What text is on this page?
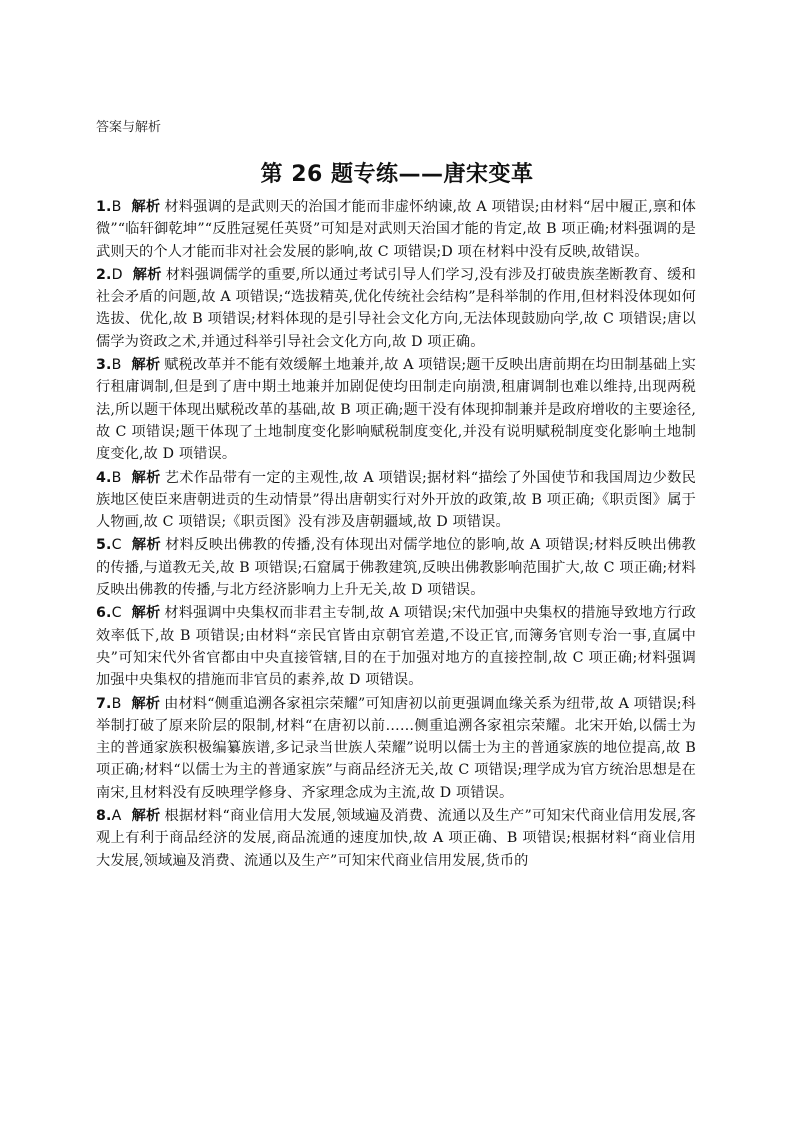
答案与解析
第 26 题专练——唐宋变革

1.B 解析 材料强调的是武则天的治国才能而非虚怀纳谏,故 A 项错误;由材料“居中履正,禀和体微”“临轩御乾坤”“反胜冠冕任英贤”可知是对武则天治国才能的肯定,故 B 项正确;材料强调的是武则天的个人才能而非对社会发展的影响,故 C 项错误;D 项在材料中没有反映,故错误。

2.D 解析 材料强调儒学的重要,所以通过考试引导人们学习,没有涉及打破贵族垄断教育、缓和社会矛盾的问题,故 A 项错误;“选拔精英,优化传统社会结构”是科举制的作用,但材料没体现如何选拔、优化,故 B 项错误;材料体现的是引导社会文化方向,无法体现鼓励向学,故 C 项错误;唐以儒学为资政之术,并通过科举引导社会文化方向,故 D 项正确。

3.B 解析 赋税改革并不能有效缓解土地兼并,故 A 项错误;题干反映出唐前期在均田制基础上实行租庸调制,但是到了唐中期土地兼并加剧促使均田制走向崩溃,租庸调制也难以维持,出现两税法,所以题干体现出赋税改革的基础,故 B 项正确;题干没有体现抑制兼并是政府增收的主要途径,故 C 项错误;题干体现了土地制度变化影响赋税制度变化,并没有说明赋税制度变化影响土地制度变化,故 D 项错误。

4.B 解析 艺术作品带有一定的主观性,故 A 项错误;据材料“描绘了外国使节和我国周边少数民族地区使臣来唐朝进贡的生动情景”得出唐朝实行对外开放的政策,故 B 项正确;《职贡图》属于人物画,故 C 项错误;《职贡图》没有涉及唐朝疆域,故 D 项错误。

5.C 解析 材料反映出佛教的传播,没有体现出对儒学地位的影响,故 A 项错误;材料反映出佛教的传播,与道教无关,故 B 项错误;石窟属于佛教建筑,反映出佛教影响范围扩大,故 C 项正确;材料反映出佛教的传播,与北方经济影响力上升无关,故 D 项错误。

6.C 解析 材料强调中央集权而非君主专制,故 A 项错误;宋代加强中央集权的措施导致地方行政效率低下,故 B 项错误;由材料“亲民官皆由京朝官差遣,不设正官,而簿务官则专治一事,直属中央”可知宋代外省官都由中央直接管辖,目的在于加强对地方的直接控制,故 C 项正确;材料强调加强中央集权的措施而非官员的素养,故 D 项错误。

7.B 解析 由材料“侧重追溯各家祖宗荣耀”可知唐初以前更强调血缘关系为纽带,故 A 项错误;科举制打破了原来阶层的限制,材料“在唐初以前……侧重追溯各家祖宗荣耀。北宋开始,以儒士为主的普通家族积极编纂族谱,多记录当世族人荣耀”说明以儒士为主的普通家族的地位提高,故 B 项正确;材料“以儒士为主的普通家族”与商品经济无关,故 C 项错误;理学成为官方统治思想是在南宋,且材料没有反映理学修身、齐家理念成为主流,故 D 项错误。

8.A 解析 根据材料“商业信用大发展,领域遍及消费、流通以及生产”可知宋代商业信用发展,客观上有利于商品经济的发展,商品流通的速度加快,故 A 项正确、B 项错误;根据材料“商业信用大发展,领域遍及消费、流通以及生产”可知宋代商业信用发展,货币的
